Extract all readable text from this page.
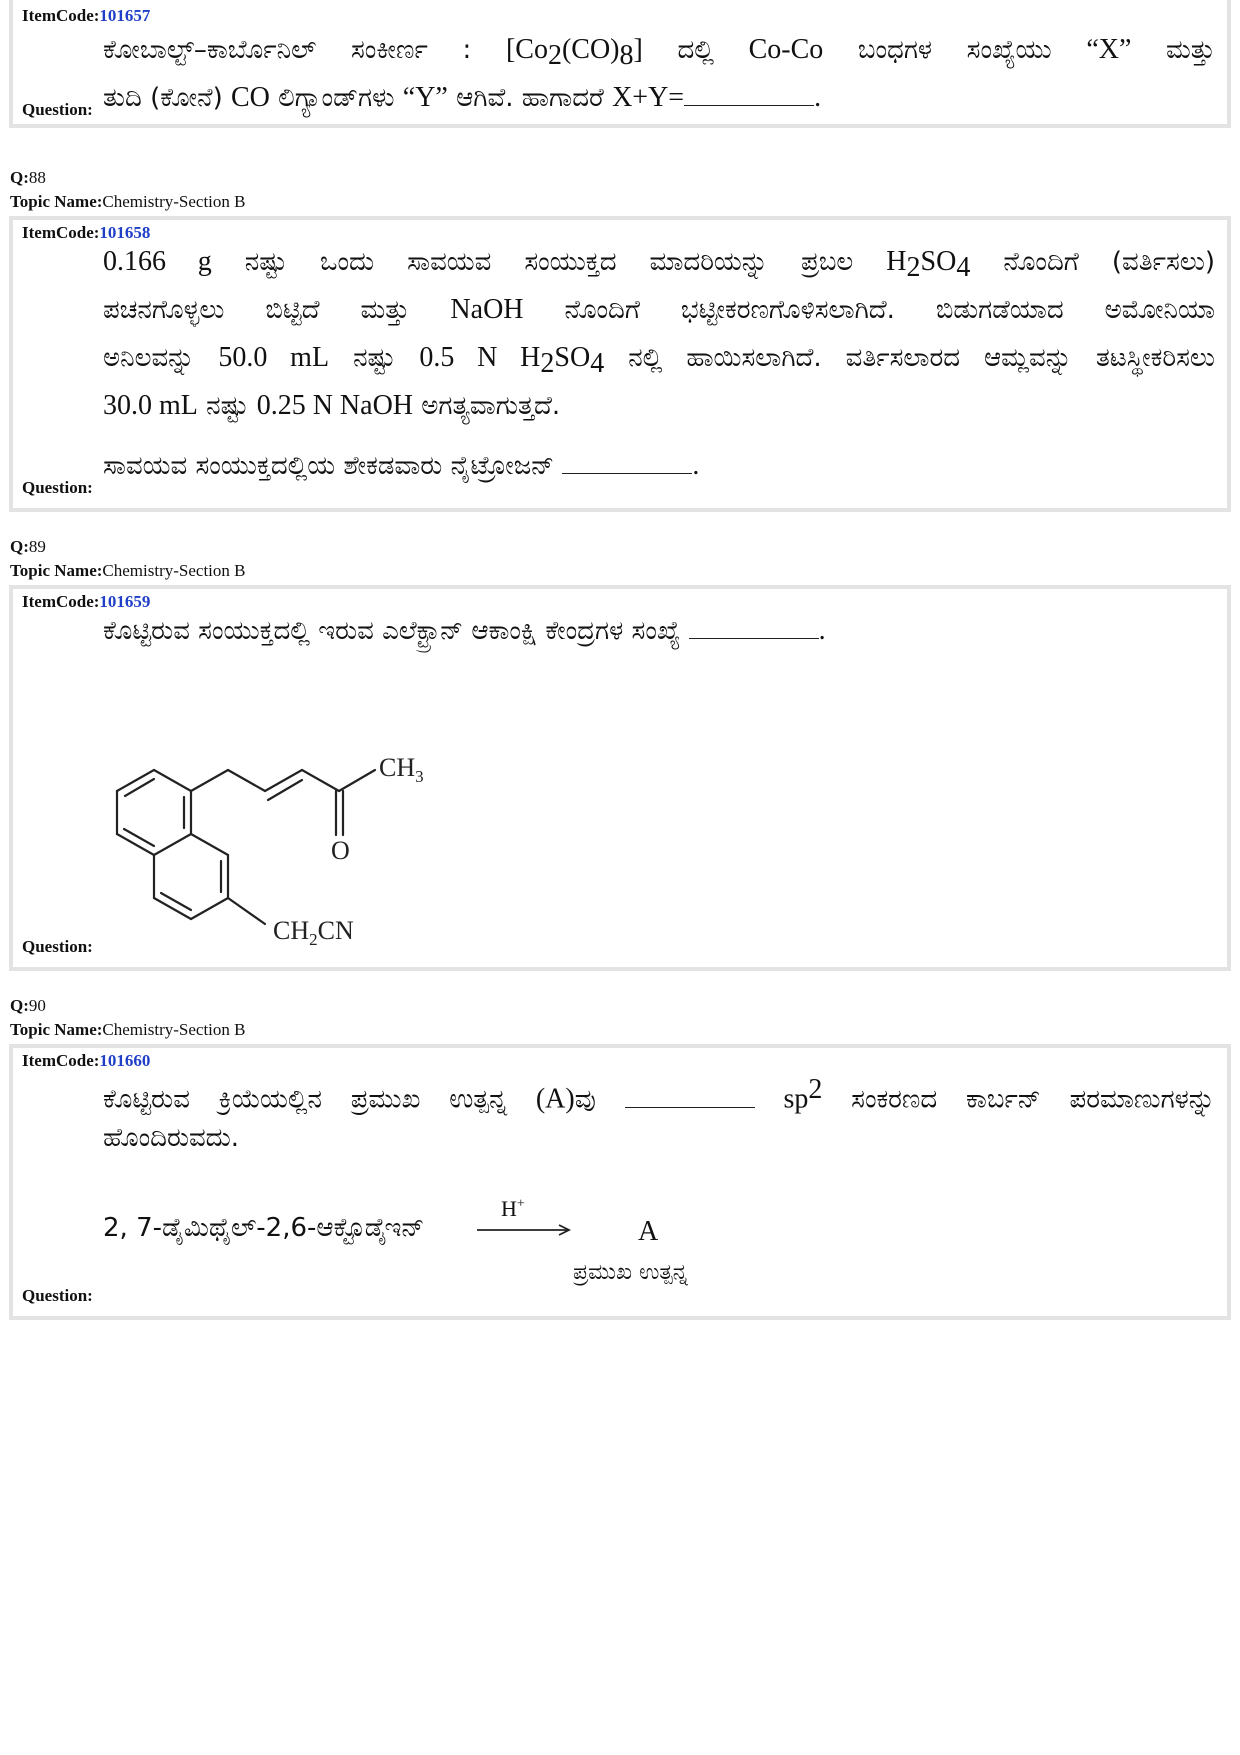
ItemCode:101657
ಕೋಬಾಲ್ಟ್–ಕಾರ್ಬೊನಿಲ್ ಸಂಕೀರ್ಣ : $[Co_2(CO)_8]$ ದಲ್ಲಿ Co-Co ಬಂಧಗಳ ಸಂಖ್ಯೆಯು “X” ಮತ್ತು
ತುದಿ (ಕೋನೆ) CO ಲಿಗ್ಯಾಂಡ್‌ಗಳು “Y” ಆಗಿವೆ. ಹಾಗಾದರೆ X+Y=	.
Question:
Q:88
Topic Name:Chemistry-Section B
ItemCode:101658
0.166 g ನಷ್ಟು ಒಂದು ಸಾವಯವ ಸಂಯುಕ್ತದ ಮಾದರಿಯನ್ನು ಪ್ರಬಲ $H_2SO_4$ ನೊಂದಿಗೆ (ವರ್ತಿಸಲು)
ಪಚನಗೊಳ್ಳಲು ಬಿಟ್ಟಿದೆ ಮತ್ತು NaOH ನೊಂದಿಗೆ ಭಟ್ಟೀಕರಣಗೊಳಿಸಲಾಗಿದೆ. ಬಿಡುಗಡೆಯಾದ ಅಮೋನಿಯಾ
ಅನಿಲವನ್ನು 50.0 mL ನಷ್ಟು 0.5 N $H_2SO_4$ ನಲ್ಲಿ ಹಾಯಿಸಲಾಗಿದೆ. ವರ್ತಿಸಲಾರದ ಆಮ್ಲವನ್ನು ತಟಸ್ಥೀಕರಿಸಲು
30.0 mL ನಷ್ಟು 0.25 N NaOH ಅಗತ್ಯವಾಗುತ್ತದೆ.
ಸಾವಯವ ಸಂಯುಕ್ತದಲ್ಲಿಯ ಶೇಕಡವಾರು ನೈಟ್ರೋಜನ್	.
Question:
Q:89
Topic Name:Chemistry-Section B
ItemCode:101659
ಕೊಟ್ಟಿರುವ ಸಂಯುಕ್ತದಲ್ಲಿ ಇರುವ ಎಲೆಕ್ಟ್ರಾನ್ ಆಕಾಂಕ್ಷಿ ಕೇಂದ್ರಗಳ ಸಂಖ್ಯೆ	.
$CH_3$
O
$CH_2CN$
Question:
Q:90
Topic Name:Chemistry-Section B
ItemCode:101660
ಕೊಟ್ಟಿರುವ ಕ್ರಿಯೆಯಲ್ಲಿನ ಪ್ರಮುಖ ಉತ್ಪನ್ನ (A)ವು	$sp^2$ ಸಂಕರಣದ ಕಾರ್ಬನ್ ಪರಮಾಣುಗಳನ್ನು
ಹೊಂದಿರುವದು.
2, 7-ಡೈಮಿಥೈಲ್-2,6-ಆಕ್ಟೊಡೈಇನ್
H+
A
ಪ್ರಮುಖ ಉತ್ಪನ್ನ
Question:
